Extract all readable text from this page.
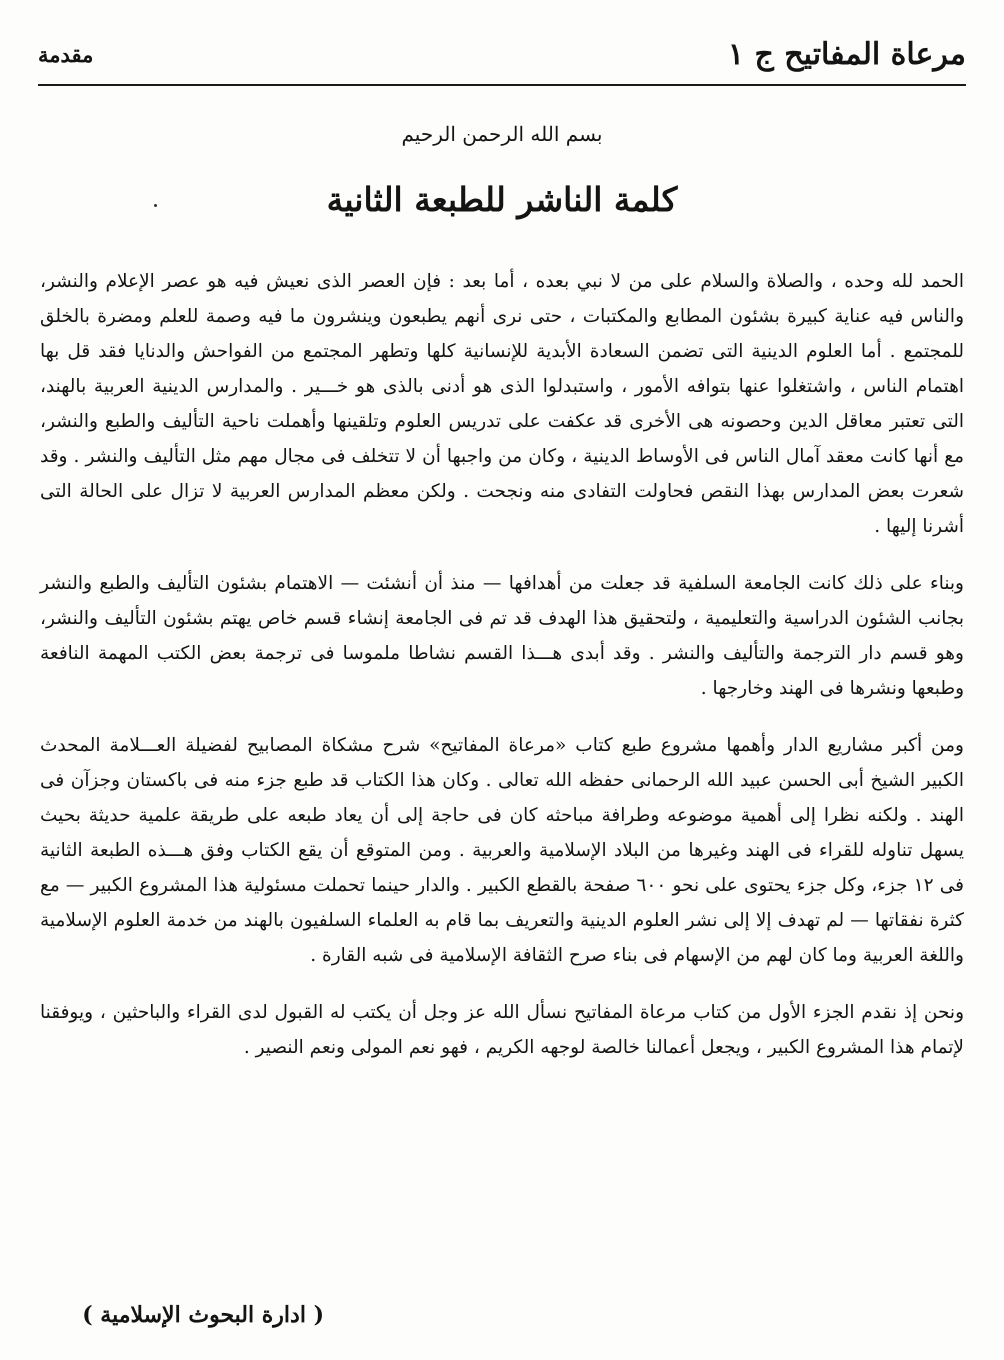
مرعاة المفاتيح ج ١
مقدمة
بسم الله الرحمن الرحيم
كلمة الناشر للطبعة الثانية

الحمد لله وحده ، والصلاة والسلام على من لا نبي بعده ، أما بعد : فإن العصر الذى نعيش فيه هو عصر الإعلام والنشر، والناس فيه عناية كبيرة بشئون المطابع والمكتبات ، حتى نرى أنهم يطبعون وينشرون ما فيه وصمة للعلم ومضرة بالخلق للمجتمع . أما العلوم الدينية التى تضمن السعادة الأبدية للإنسانية كلها وتطهر المجتمع من الفواحش والدنايا فقد قل بها اهتمام الناس ، واشتغلوا عنها بتوافه الأمور ، واستبدلوا الذى هو أدنى بالذى هو خـــير . والمدارس الدينية العربية بالهند، التى تعتبر معاقل الدين وحصونه هى الأخرى قد عكفت على تدريس العلوم وتلقينها وأهملت ناحية التأليف والطبع والنشر، مع أنها كانت معقد آمال الناس فى الأوساط الدينية ، وكان من واجبها أن لا تتخلف فى مجال مهم مثل التأليف والنشر . وقد شعرت بعض المدارس بهذا النقص فحاولت التفادى منه ونجحت . ولكن معظم المدارس العربية لا تزال على الحالة التى أشرنا إليها .

وبناء على ذلك كانت الجامعة السلفية قد جعلت من أهدافها — منذ أن أنشئت — الاهتمام بشئون التأليف والطبع والنشر بجانب الشئون الدراسية والتعليمية ، ولتحقيق هذا الهدف قد تم فى الجامعة إنشاء قسم خاص يهتم بشئون التأليف والنشر، وهو قسم دار الترجمة والتأليف والنشر . وقد أبدى هـــذا القسم نشاطا ملموسا فى ترجمة بعض الكتب المهمة النافعة وطبعها ونشرها فى الهند وخارجها .

ومن أكبر مشاريع الدار وأهمها مشروع طبع كتاب «مرعاة المفاتيح» شرح مشكاة المصابيح لفضيلة العـــلامة المحدث الكبير الشيخ أبى الحسن عبيد الله الرحمانى حفظه الله تعالى . وكان هذا الكتاب قد طبع جزء منه فى باكستان وجزآن فى الهند . ولكنه نظرا إلى أهمية موضوعه وطرافة مباحثه كان فى حاجة إلى أن يعاد طبعه على طريقة علمية حديثة بحيث يسهل تناوله للقراء فى الهند وغيرها من البلاد الإسلامية والعربية . ومن المتوقع أن يقع الكتاب وفق هـــذه الطبعة الثانية فى ١٢ جزء، وكل جزء يحتوى على نحو ٦٠٠ صفحة بالقطع الكبير . والدار حينما تحملت مسئولية هذا المشروع الكبير — مع كثرة نفقاتها — لم تهدف إلا إلى نشر العلوم الدينية والتعريف بما قام به العلماء السلفيون بالهند من خدمة العلوم الإسلامية واللغة العربية وما كان لهم من الإسهام فى بناء صرح الثقافة الإسلامية فى شبه القارة .

ونحن إذ نقدم الجزء الأول من كتاب مرعاة المفاتيح نسأل الله عز وجل أن يكتب له القبول لدى القراء والباحثين ، ويوفقنا لإتمام هذا المشروع الكبير ، ويجعل أعمالنا خالصة لوجهه الكريم ، فهو نعم المولى ونعم النصير .

( ادارة البحوث الإسلامية )
